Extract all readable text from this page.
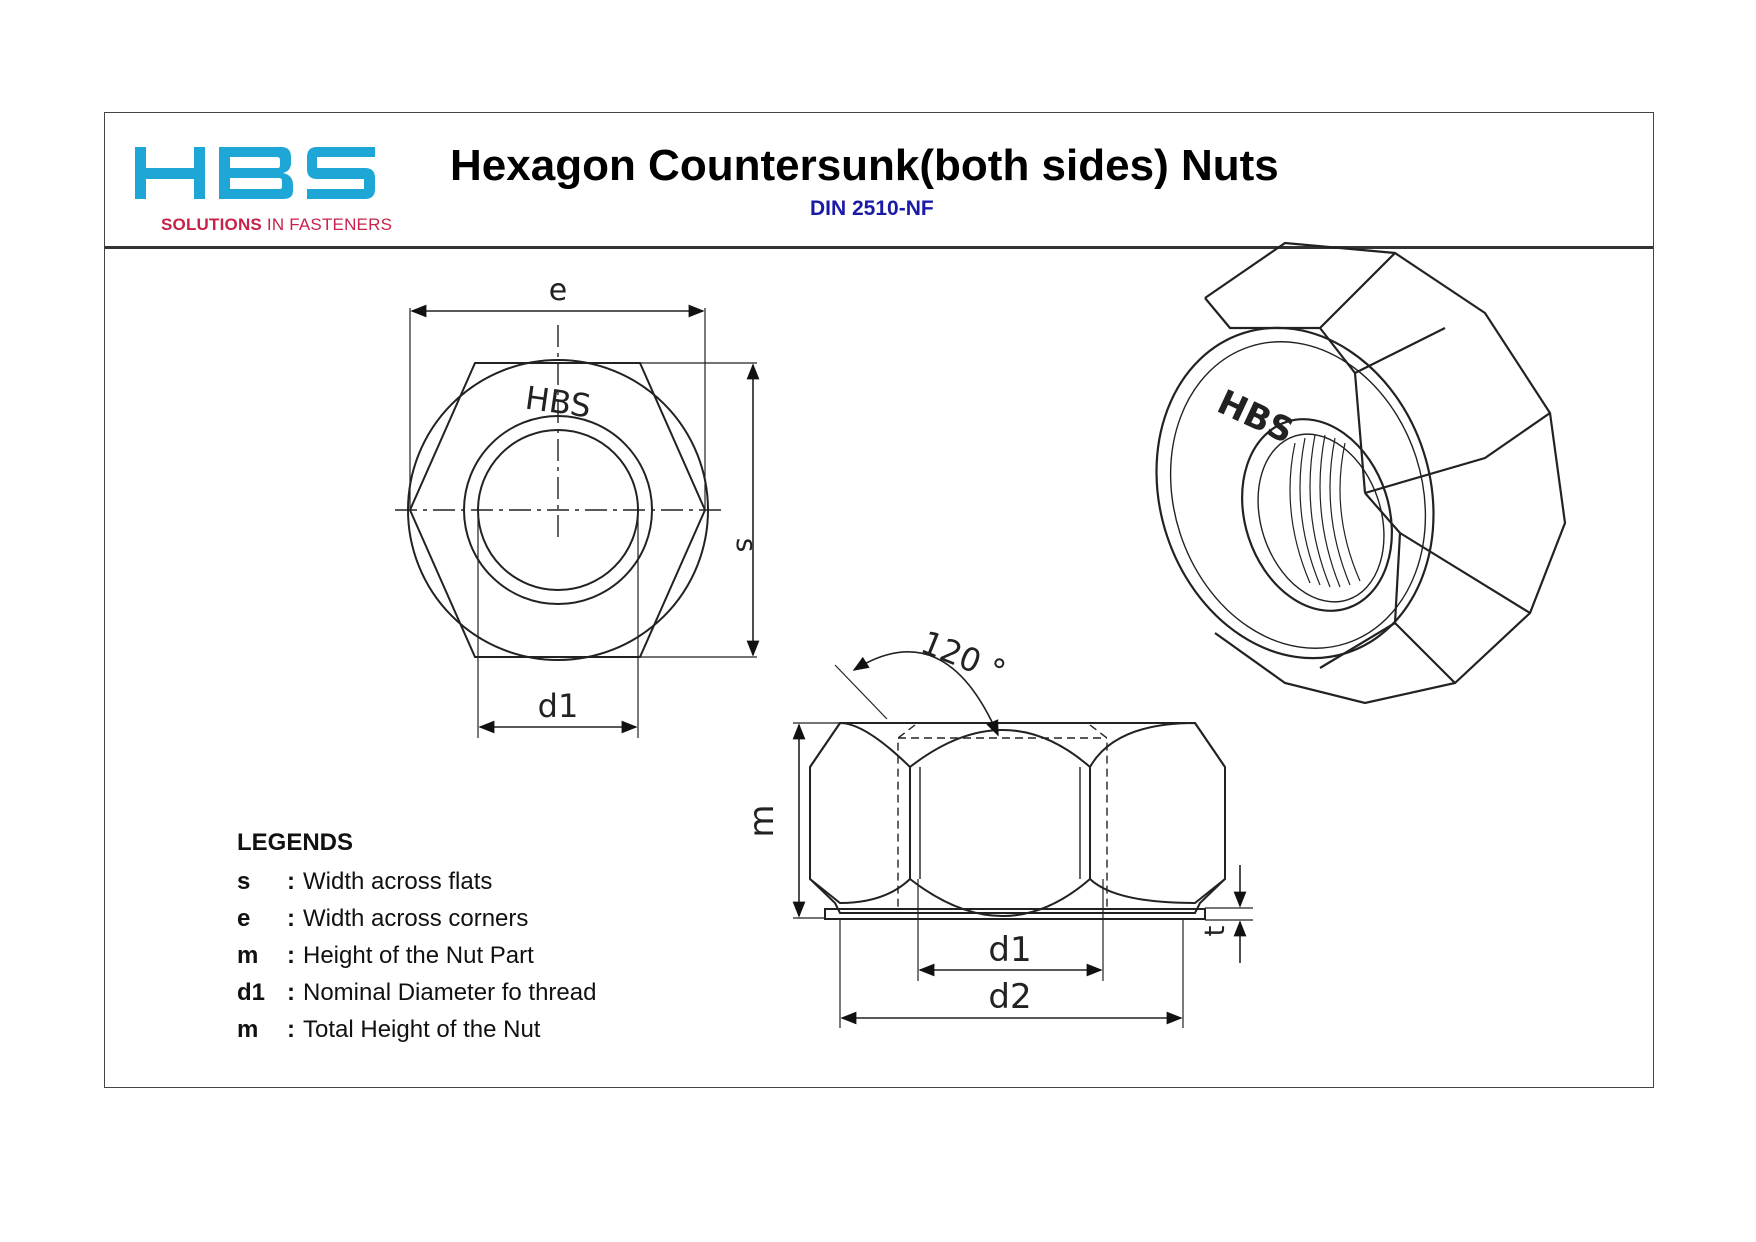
SOLUTIONS IN FASTENERS
Hexagon Countersunk(both sides) Nuts
DIN 2510-NF
e
s
d1
HBS
120 °
m
t
d1
d2
HBS
LEGENDS
s	: Width across flats
e	: Width across corners
m	: Height of the Nut Part
d1 : Nominal Diameter fo thread
m	: Total Height of the Nut
